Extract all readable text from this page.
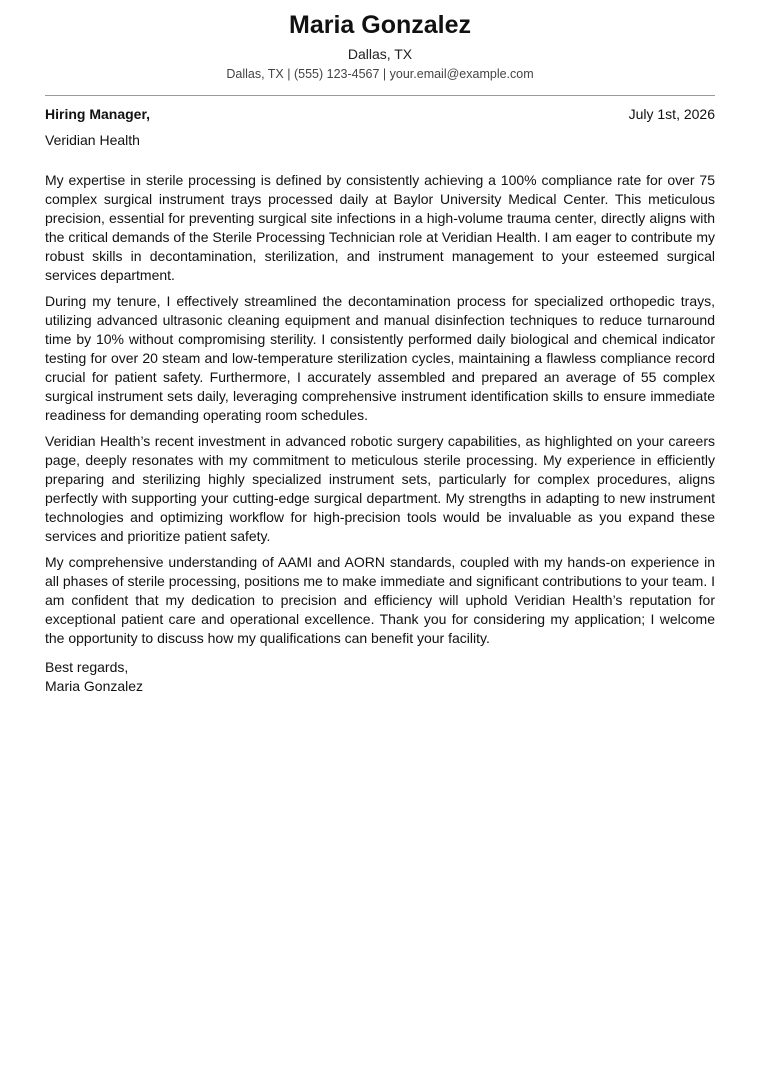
Maria Gonzalez
Dallas, TX
Dallas, TX | (555) 123-4567 | your.email@example.com
Hiring Manager,	July 1st, 2026
Veridian Health

My expertise in sterile processing is defined by consistently achieving a 100% compliance rate for over 75 complex surgical instrument trays processed daily at Baylor University Medical Center. This meticulous precision, essential for preventing surgical site infections in a high-volume trauma center, directly aligns with the critical demands of the Sterile Processing Technician role at Veridian Health. I am eager to contribute my robust skills in decontamination, sterilization, and instrument management to your esteemed surgical services department.

During my tenure, I effectively streamlined the decontamination process for specialized orthopedic trays, utilizing advanced ultrasonic cleaning equipment and manual disinfection techniques to reduce turnaround time by 10% without compromising sterility. I consistently performed daily biological and chemical indicator testing for over 20 steam and low-temperature sterilization cycles, maintaining a flawless compliance record crucial for patient safety. Furthermore, I accurately assembled and prepared an average of 55 complex surgical instrument sets daily, leveraging comprehensive instrument identification skills to ensure immediate readiness for demanding operating room schedules.

Veridian Health’s recent investment in advanced robotic surgery capabilities, as highlighted on your careers page, deeply resonates with my commitment to meticulous sterile processing. My experience in efficiently preparing and sterilizing highly specialized instrument sets, particularly for complex procedures, aligns perfectly with supporting your cutting-edge surgical department. My strengths in adapting to new instrument technologies and optimizing workflow for high-precision tools would be invaluable as you expand these services and prioritize patient safety.

My comprehensive understanding of AAMI and AORN standards, coupled with my hands-on experience in all phases of sterile processing, positions me to make immediate and significant contributions to your team. I am confident that my dedication to precision and efficiency will uphold Veridian Health’s reputation for exceptional patient care and operational excellence. Thank you for considering my application; I welcome the opportunity to discuss how my qualifications can benefit your facility.

Best regards,
Maria Gonzalez
